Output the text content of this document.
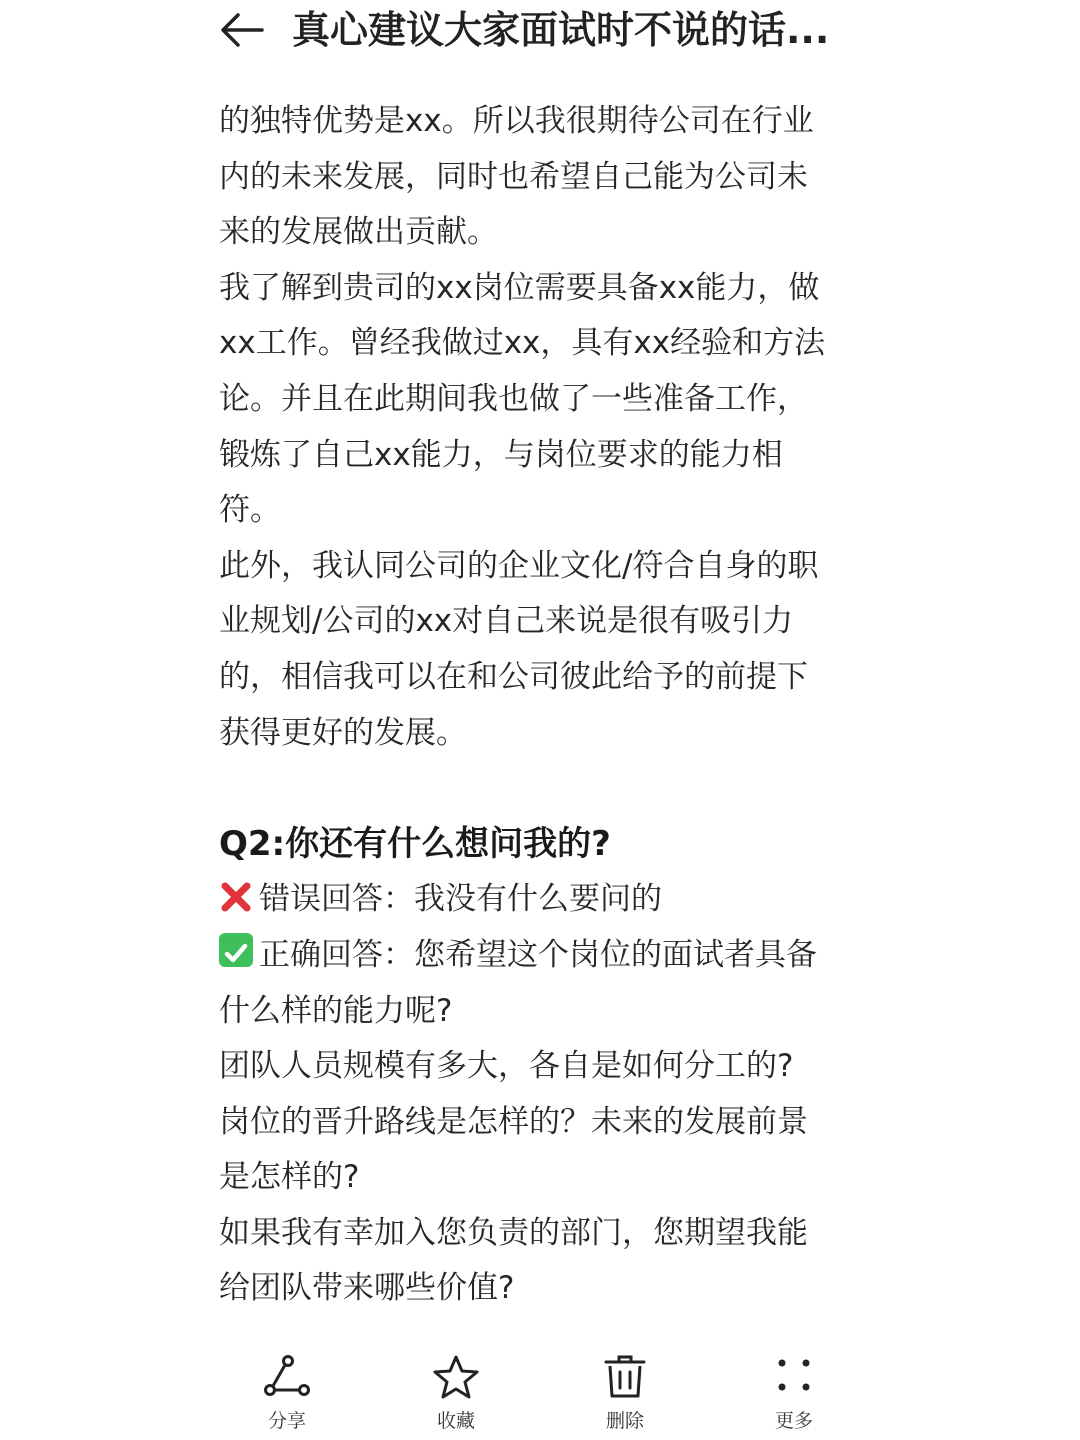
真心建议大家面试时不说的话...

的独特优势是xx。所以我很期待公司在行业

内的未来发展，同时也希望自己能为公司未

来的发展做出贡献。

我了解到贵司的xx岗位需要具备xx能力，做

xx工作。曾经我做过xx，具有xx经验和方法

论。并且在此期间我也做了一些准备工作，

锻炼了自己xx能力，与岗位要求的能力相

符。

此外，我认同公司的企业文化/符合自身的职

业规划/公司的xx对自己来说是很有吸引力

的，相信我可以在和公司彼此给予的前提下

获得更好的发展。

Q2:你还有什么想问我的?

错误回答：我没有什么要问的

正确回答：您希望这个岗位的面试者具备

什么样的能力呢?

团队人员规模有多大，各自是如何分工的?

岗位的晋升路线是怎样的？未来的发展前景

是怎样的?

如果我有幸加入您负责的部门，您期望我能

给团队带来哪些价值?

分享	收藏	删除	更多
